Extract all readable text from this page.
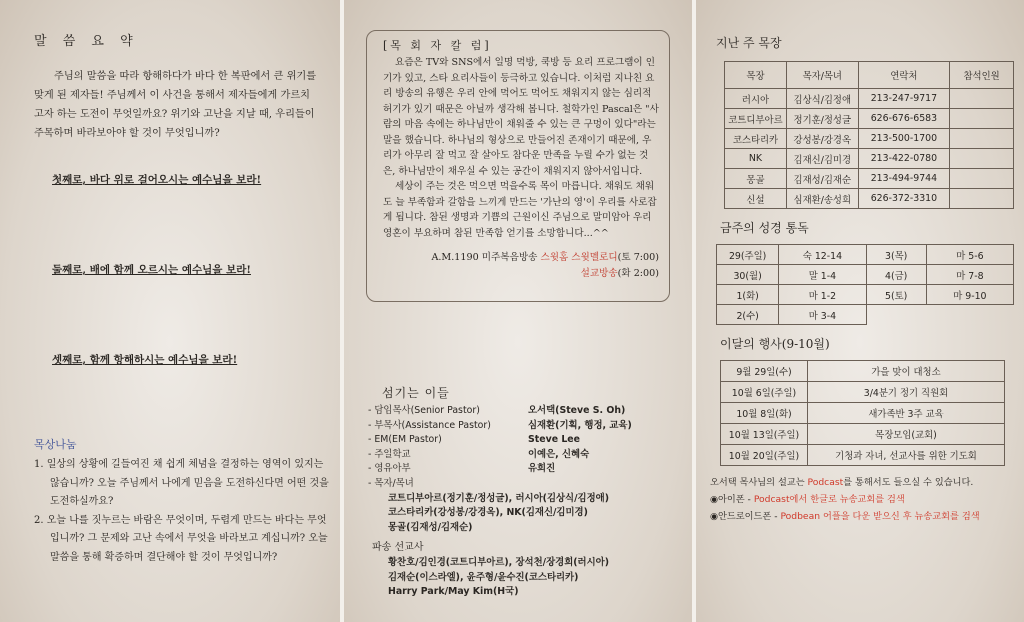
말 씀 요 약

주님의 말씀을 따라 항해하다가 바다 한 복판에서 큰 위기를 맞게 된 제자들! 주님께서 이 사건을 통해서 제자들에게 가르치고자 하는 도전이 무엇일까요? 위기와 고난을 지날 때, 우리들이 주목하며 바라보아야 할 것이 무엇입니까?

첫째로, 바다 위로 걸어오시는 예수님을 보라!
둘째로, 배에 함께 오르시는 예수님을 보라!
셋째로, 함께 항해하시는 예수님을 보라!
목상나눔

1. 일상의 상황에 길들여진 채 쉽게 체념을 결정하는 영역이 있지는 않습니까? 오늘 주님께서 나에게 믿음을 도전하신다면 어떤 것을 도전하실까요?

2. 오늘 나를 짓누르는 바람은 무엇이며, 두렵게 만드는 바다는 무엇입니까? 그 문제와 고난 속에서 무엇을 바라보고 계십니까? 오늘 말씀을 통해 확증하며 결단해야 할 것이 무엇입니까?

[목 회 자 칼 럼]

요즘은 TV와 SNS에서 일명 먹방, 쿡방 등 요리 프로그램이 인기가 있고, 스타 요리사들이 등극하고 있습니다. 이처럼 지나친 요리 방송의 유행은 우리 안에 먹어도 먹어도 채워지지 않는 심리적 허기가 있기 때문은 아닐까 생각해 봅니다. 철학가인 Pascal은 "사람의 마음 속에는 하나님만이 채워줄 수 있는 큰 구멍이 있다"라는 말을 했습니다. 하나님의 형상으로 만들어진 존재이기 때문에, 우리가 아무리 잘 먹고 잘 살아도 참다운 만족을 누릴 수가 없는 것은, 하나님만이 채우실 수 있는 공간이 채워지지 않아서입니다.

세상이 주는 것은 먹으면 먹을수록 목이 마릅니다. 채워도 채워도 늘 부족함과 갈함을 느끼게 만드는 '가난의 영'이 우리를 사로잡게 됩니다. 참된 생명과 기쁨의 근원이신 주님으로 말미암아 우리 영혼이 부요하며 참된 만족함 얻기를 소망합니다...^^

A.M.1190 미주복음방송 스윗홈 스윗멜로디(토 7:00)
설교방송(화 2:00)
섬기는 이들
- 담임목사(Senior Pastor)	오서택(Steve S. Oh)
- 부목사(Assistance Pastor)	심재환(기획, 행정, 교육)
- EM(EM Pastor)	Steve Lee
- 주일학교	이예은, 신혜숙
- 영유아부	유희진
- 목자/목녀
코트디부아르(정기훈/정성글), 러시아(김상식/김정애)
코스타리카(강성봉/강경옥), NK(김재신/김미경)
몽골(김재성/김재순)
파송 선교사
황찬호/김인경(코트디부아르), 장석천/장경희(러시아)
김재순(이스라엘), 윤주형/윤수진(코스타리카)
Harry Park/May Kim(H국)
지난 주 목장
목장	목자/목녀	연락처	참석인원
러시아	김상식/김정애	213-247-9717	
코트디부아르	정기훈/정성글	626-676-6583	
코스타리카	강성봉/강경옥	213-500-1700	
NK	김재신/김미경	213-422-0780	
몽골	김재성/김재순	213-494-9744	
신설	심재환/송성희	626-372-3310	
금주의 성경 통독
29(주일)	숙 12-14	3(목)	마 5-6
30(월)	말 1-4	4(금)	마 7-8
1(화)	마 1-2	5(토)	마 9-10
2(수)	마 3-4		
이달의 행사(9-10월)
9월 29일(수)	가을 맞이 대청소
10월 6일(주일)	3/4분기 정기 직원회
10월 8일(화)	새가족반 3주 교육
10월 13일(주일)	목장모임(교회)
10월 20일(주일)	기청과 자녀, 선교사를 위한 기도회
오서택 목사님의 설교는 Podcast를 통해서도 들으실 수 있습니다.
◉아이폰 - Podcast에서 한글로 뉴송교회를 검색
◉안드로이드폰 - Podbean 어플을 다운 받으신 후 뉴송교회를 검색
